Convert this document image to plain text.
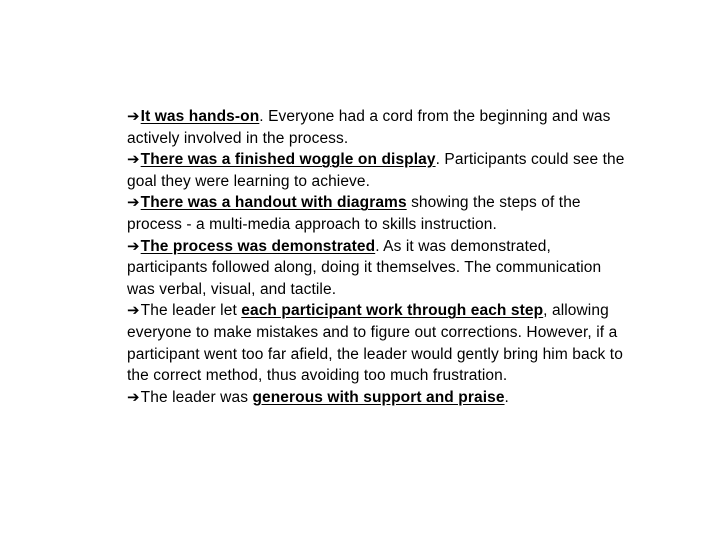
➔It was hands-on. Everyone had a cord from the beginning and was actively involved in the process.

➔There was a finished woggle on display. Participants could see the goal they were learning to achieve.

➔There was a handout with diagrams showing the steps of the process - a multi-media approach to skills instruction.

➔The process was demonstrated. As it was demonstrated, participants followed along, doing it themselves. The communication was verbal, visual, and tactile.

➔The leader let each participant work through each step, allowing everyone to make mistakes and to figure out corrections. However, if a participant went too far afield, the leader would gently bring him back to the correct method, thus avoiding too much frustration.

➔The leader was generous with support and praise.
